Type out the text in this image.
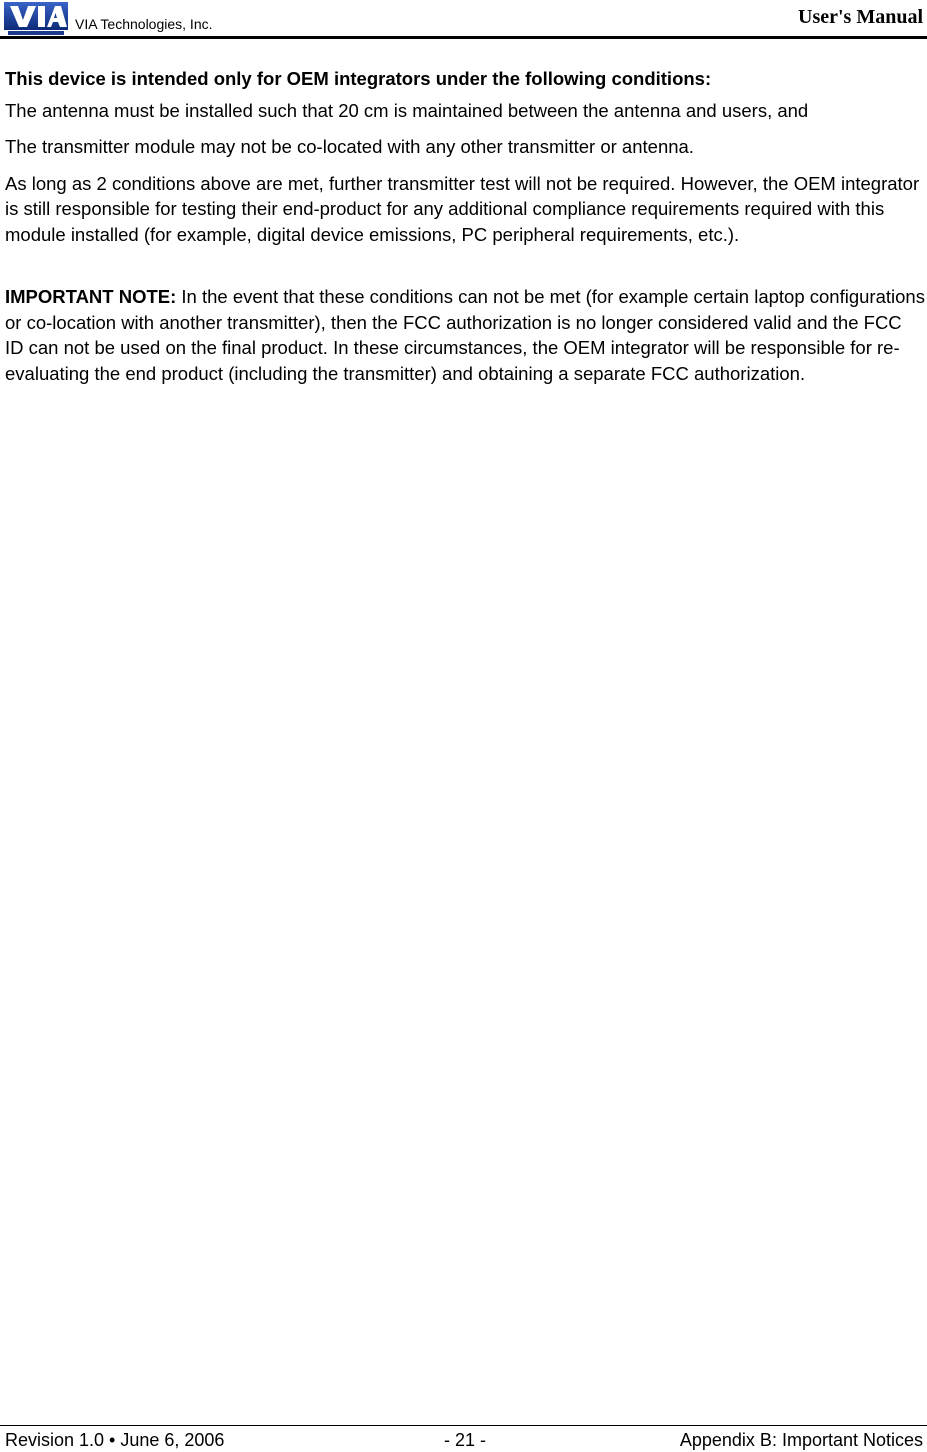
VIA Technologies, Inc.	User's Manual

This device is intended only for OEM integrators under the following conditions:

The antenna must be installed such that 20 cm is maintained between the antenna and users, and

The transmitter module may not be co-located with any other transmitter or antenna.

As long as 2 conditions above are met, further transmitter test will not be required. However, the OEM integrator is still responsible for testing their end-product for any additional compliance requirements required with this module installed (for example, digital device emissions, PC peripheral requirements, etc.).

IMPORTANT NOTE: In the event that these conditions can not be met (for example certain laptop configurations or co-location with another transmitter), then the FCC authorization is no longer considered valid and the FCC ID can not be used on the final product. In these circumstances, the OEM integrator will be responsible for re-evaluating the end product (including the transmitter) and obtaining a separate FCC authorization.

Revision 1.0 • June 6, 2006	- 21 -	Appendix B: Important Notices
